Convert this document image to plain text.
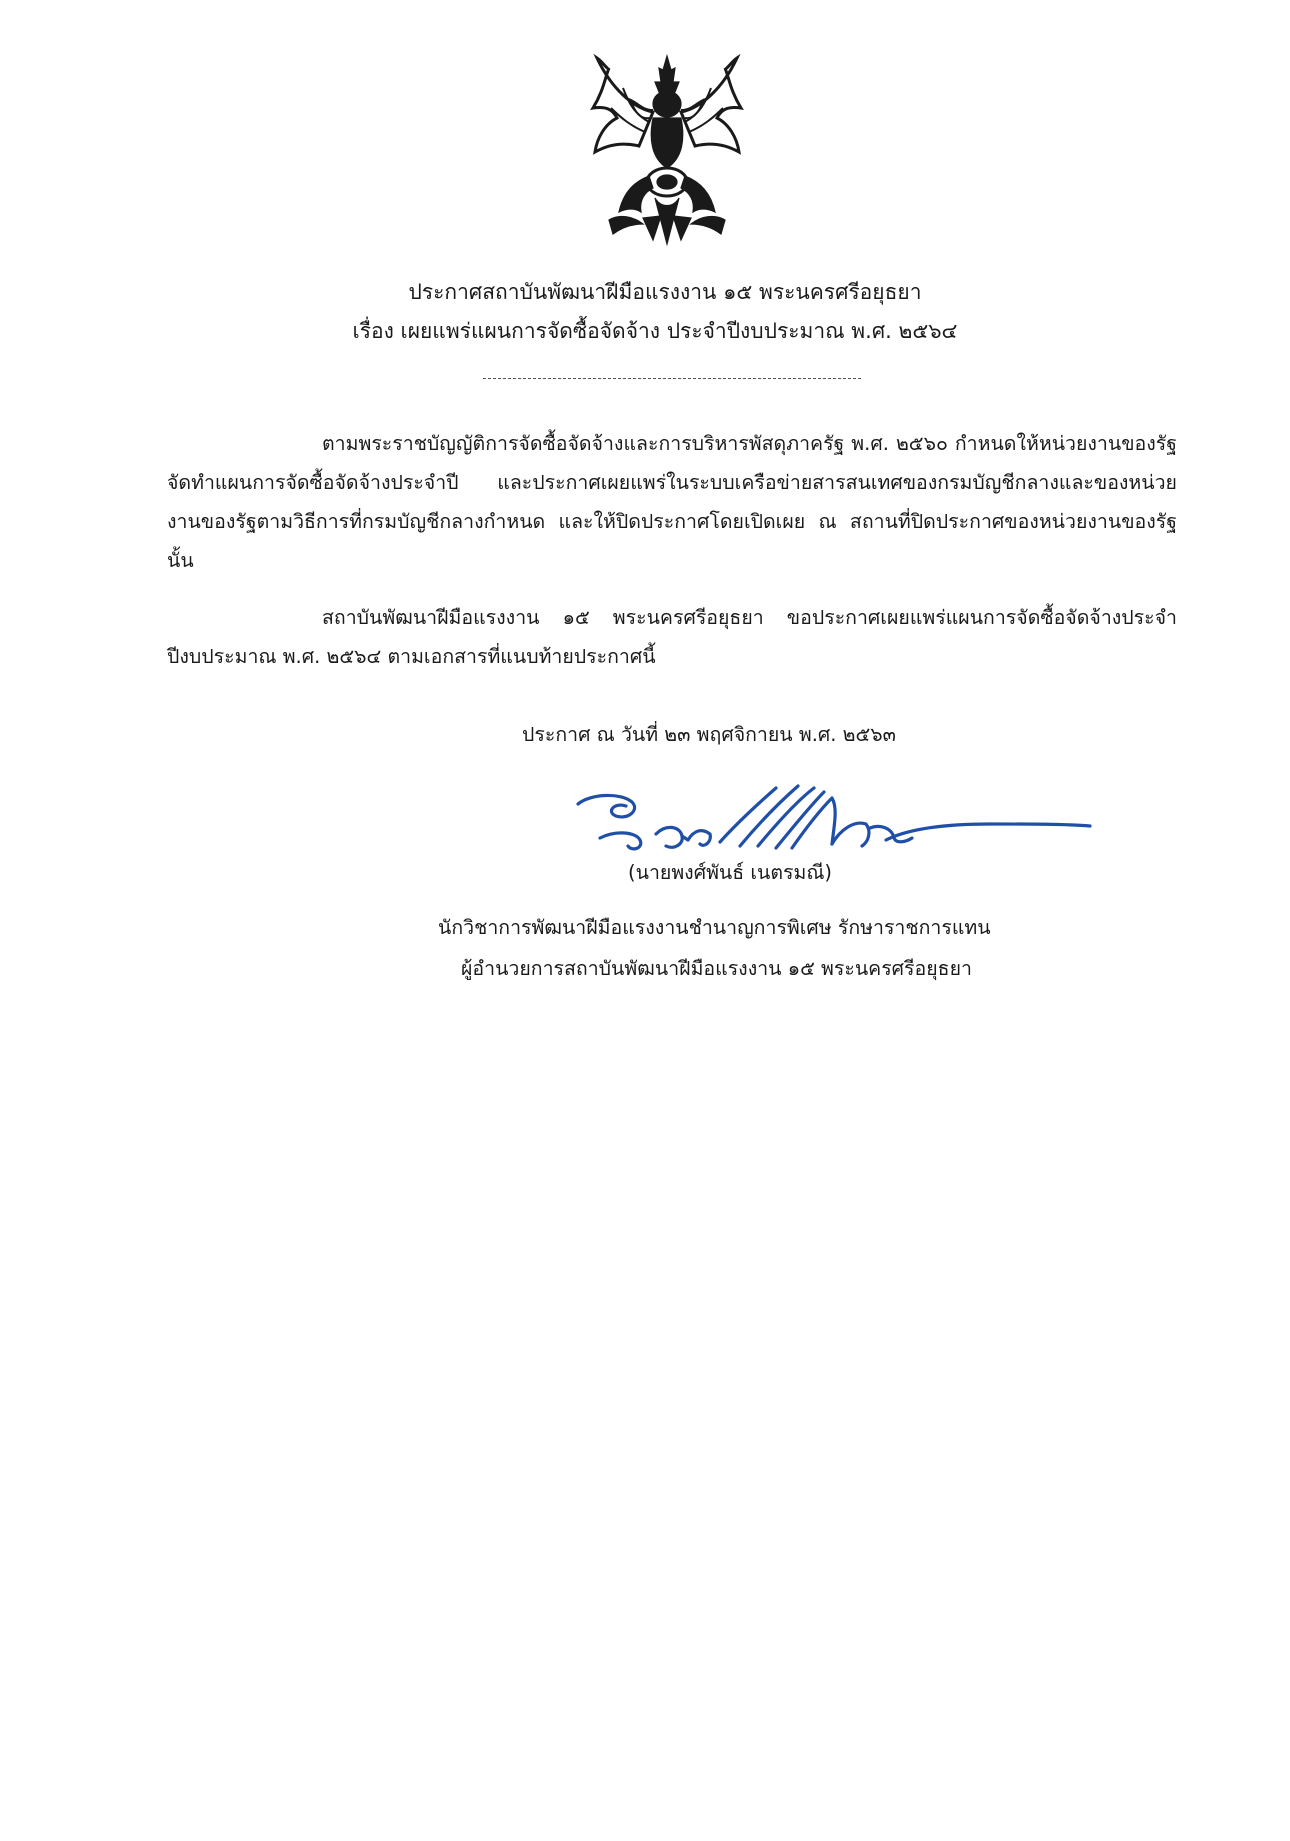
ประกาศสถาบันพัฒนาฝีมือแรงงาน ๑๕ พระนครศรีอยุธยา
เรื่อง เผยแพร่แผนการจัดซื้อจัดจ้าง ประจำปีงบประมาณ พ.ศ. ๒๕๖๔
ตามพระราชบัญญัติการจัดซื้อจัดจ้างและการบริหารพัสดุภาครัฐ พ.ศ. ๒๕๖๐ กำหนดให้หน่วยงานของรัฐจัดทำแผนการจัดซื้อจัดจ้างประจำปี และประกาศเผยแพร่ในระบบเครือข่ายสารสนเทศของกรมบัญชีกลางและของหน่วยงานของรัฐตามวิธีการที่กรมบัญชีกลางกำหนด และให้ปิดประกาศโดยเปิดเผย ณ สถานที่ปิดประกาศของหน่วยงานของรัฐ นั้น
สถาบันพัฒนาฝีมือแรงงาน ๑๕ พระนครศรีอยุธยา ขอประกาศเผยแพร่แผนการจัดซื้อจัดจ้างประจำปีงบประมาณ พ.ศ. ๒๕๖๔ ตามเอกสารที่แนบท้ายประกาศนี้
ประกาศ ณ วันที่ ๒๓ พฤศจิกายน พ.ศ. ๒๕๖๓
(นายพงศ์พันธ์ เนตรมณี)
นักวิชาการพัฒนาฝีมือแรงงานชำนาญการพิเศษ รักษาราชการแทน
ผู้อำนวยการสถาบันพัฒนาฝีมือแรงงาน ๑๕ พระนครศรีอยุธยา
